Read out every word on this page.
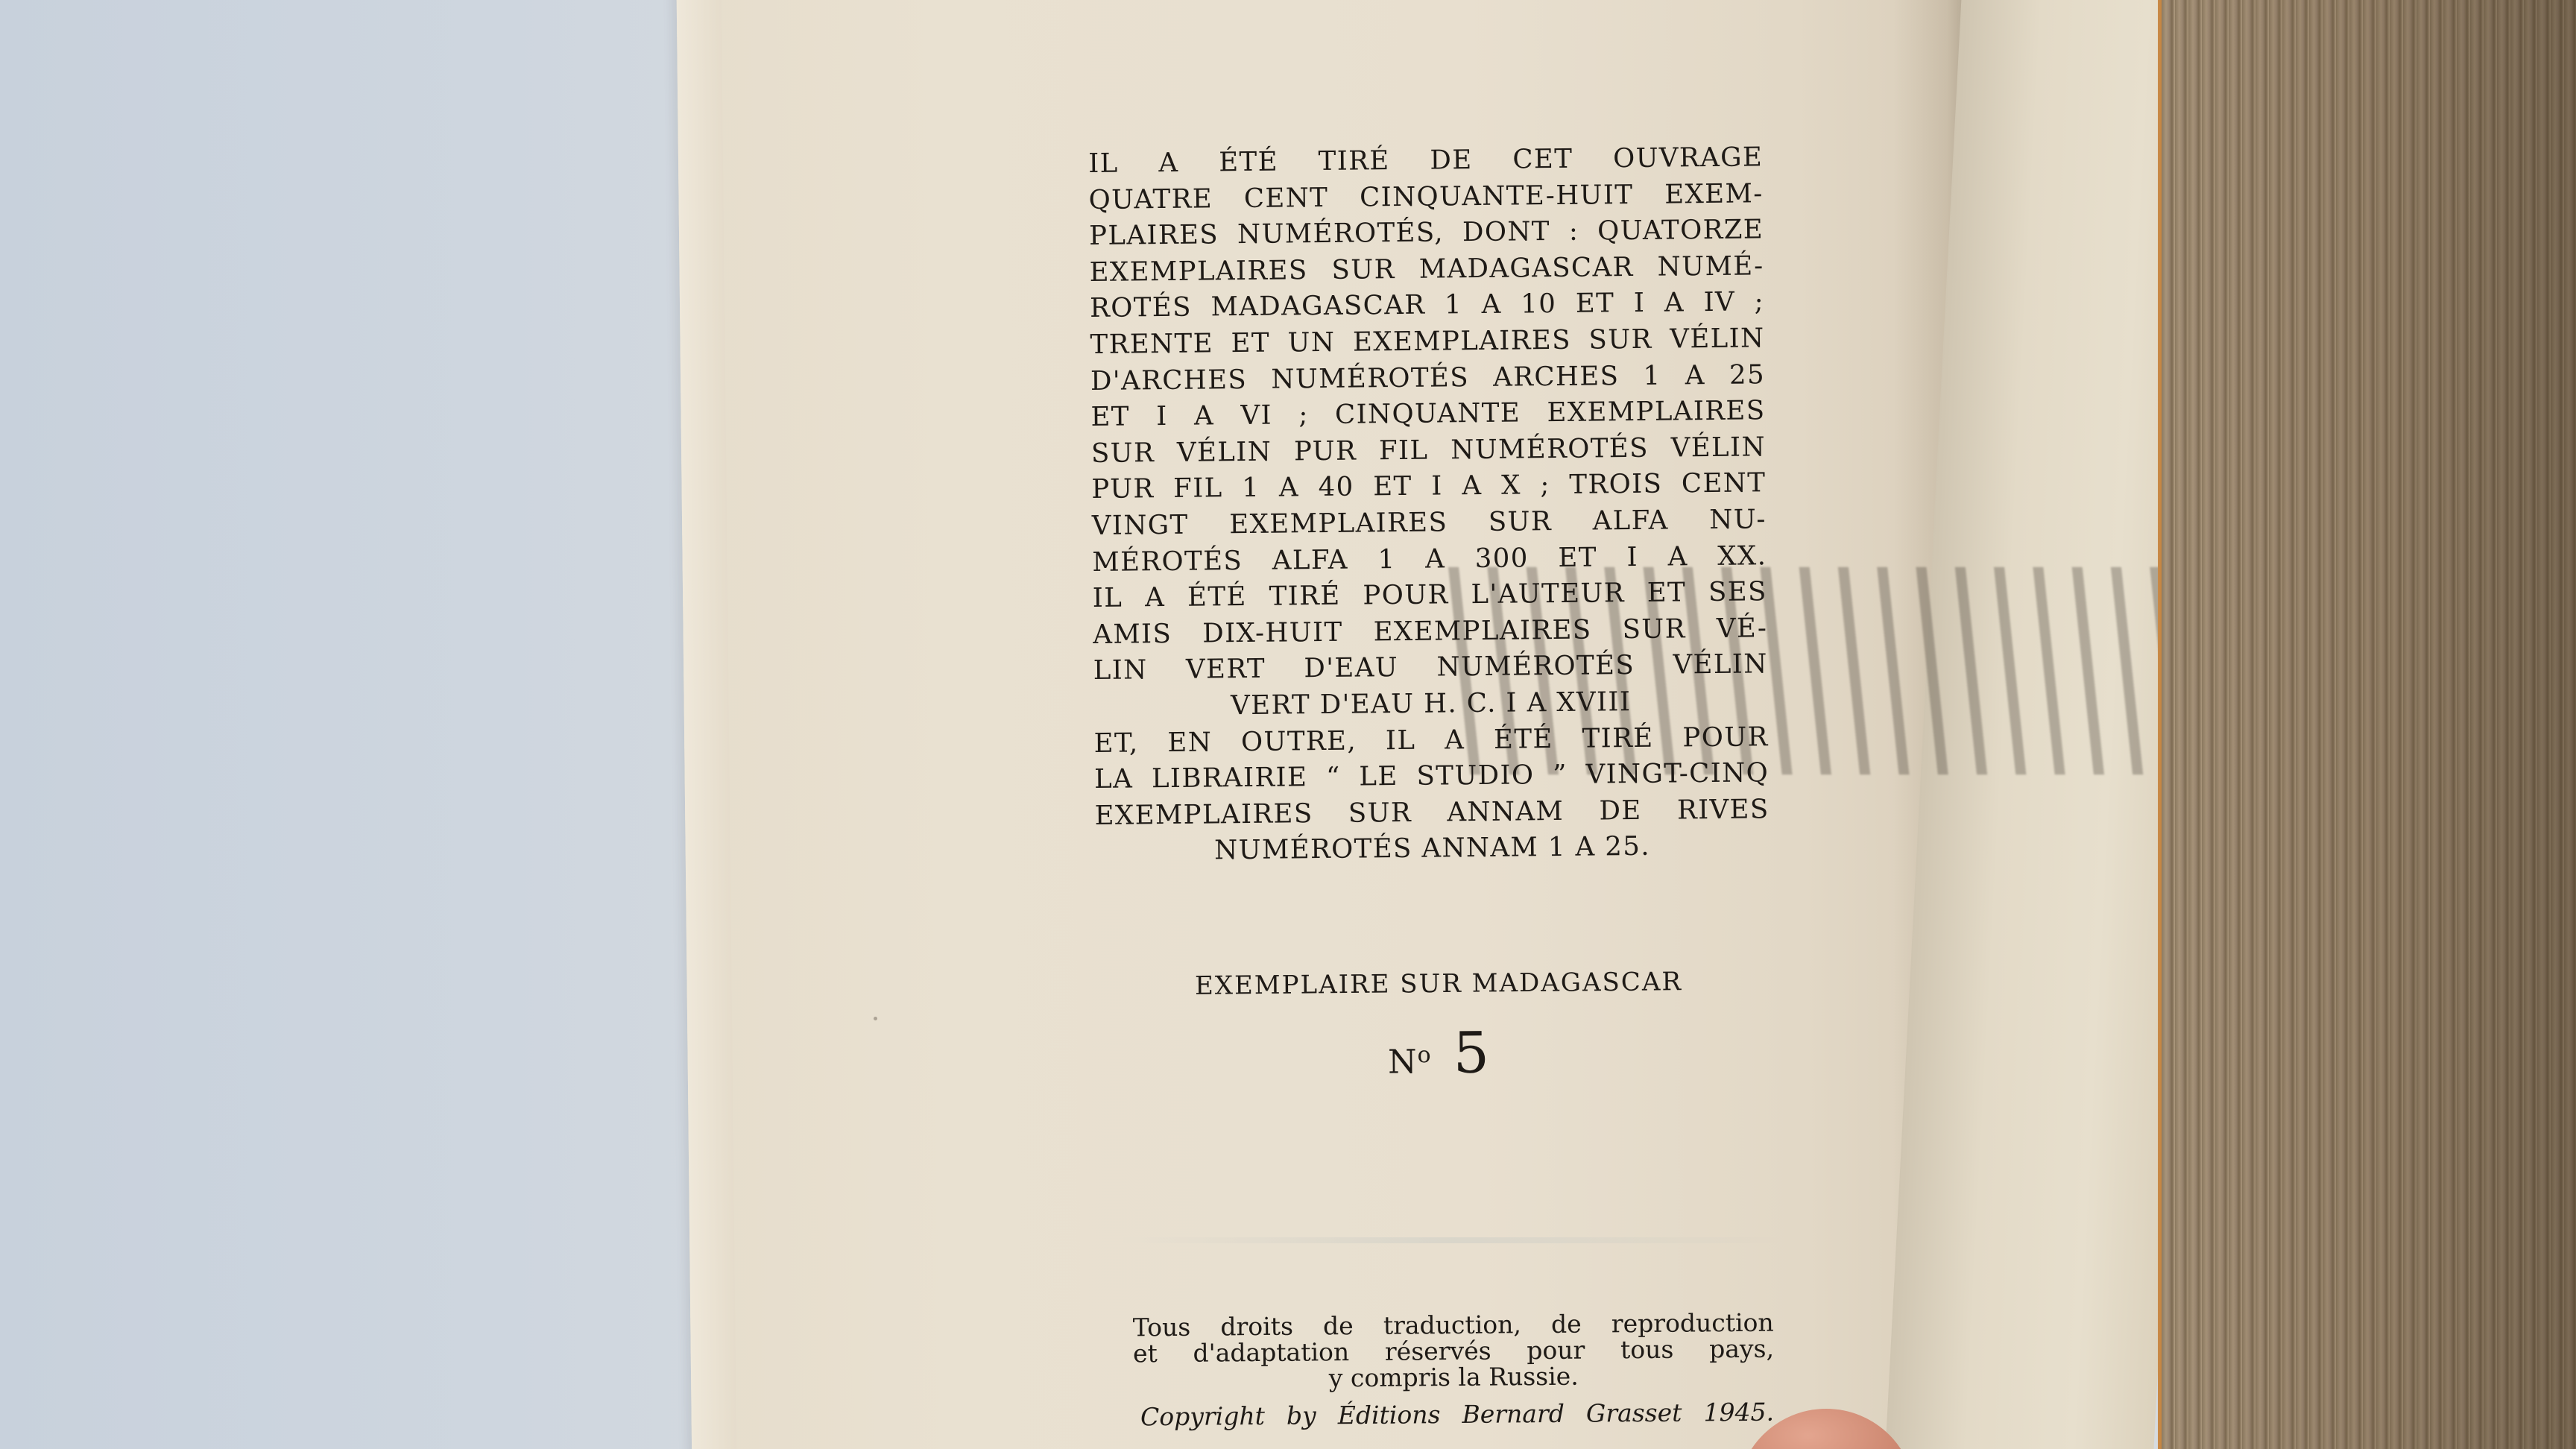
IL A ÉTÉ TIRÉ DE CET OUVRAGE
QUATRE CENT CINQUANTE-HUIT EXEM-
PLAIRES NUMÉROTÉS, DONT : QUATORZE
EXEMPLAIRES SUR MADAGASCAR NUMÉ-
ROTÉS MADAGASCAR 1 A 10 ET I A IV ;
TRENTE ET UN EXEMPLAIRES SUR VÉLIN
D'ARCHES NUMÉROTÉS ARCHES 1 A 25
ET I A VI ; CINQUANTE EXEMPLAIRES
SUR VÉLIN PUR FIL NUMÉROTÉS VÉLIN
PUR FIL 1 A 40 ET I A X ; TROIS CENT
VINGT EXEMPLAIRES SUR ALFA NU-
MÉROTÉS ALFA 1 A 300 ET I A XX.
IL A ÉTÉ TIRÉ POUR L'AUTEUR ET SES
AMIS DIX-HUIT EXEMPLAIRES SUR VÉ-
LIN VERT D'EAU NUMÉROTÉS VÉLIN
VERT D'EAU H. C. I A XVIII
ET, EN OUTRE, IL A ÉTÉ TIRÉ POUR
LA LIBRAIRIE “ LE STUDIO ” VINGT-CINQ
EXEMPLAIRES SUR ANNAM DE RIVES
NUMÉROTÉS ANNAM 1 A 25.
EXEMPLAIRE SUR MADAGASCAR
No 5
Tous droits de traduction, de reproduction
et d'adaptation réservés pour tous pays,
y compris la Russie.
Copyright by Éditions Bernard Grasset 1945.
